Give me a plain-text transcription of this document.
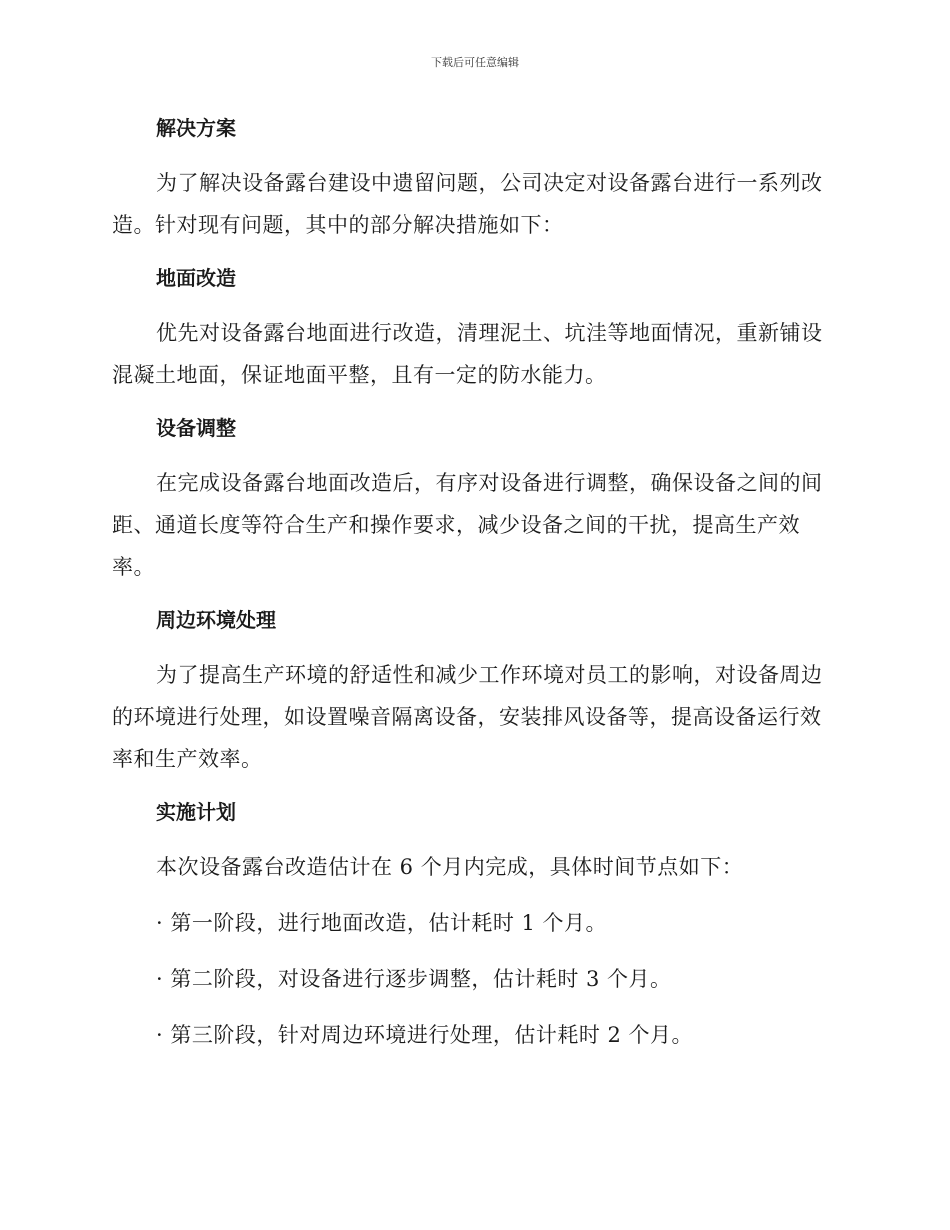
下载后可任意编辑
解决方案

为了解决设备露台建设中遗留问题，公司决定对设备露台进行一系列改造。针对现有问题，其中的部分解决措施如下：

地面改造

优先对设备露台地面进行改造，清理泥土、坑洼等地面情况，重新铺设混凝土地面，保证地面平整，且有一定的防水能力。

设备调整

在完成设备露台地面改造后，有序对设备进行调整，确保设备之间的间距、通道长度等符合生产和操作要求，减少设备之间的干扰，提高生产效率。

周边环境处理

为了提高生产环境的舒适性和减少工作环境对员工的影响，对设备周边的环境进行处理，如设置噪音隔离设备，安装排风设备等，提高设备运行效率和生产效率。

实施计划

本次设备露台改造估计在 6 个月内完成，具体时间节点如下：

· 第一阶段，进行地面改造，估计耗时 1 个月。

· 第二阶段，对设备进行逐步调整，估计耗时 3 个月。

· 第三阶段，针对周边环境进行处理，估计耗时 2 个月。
